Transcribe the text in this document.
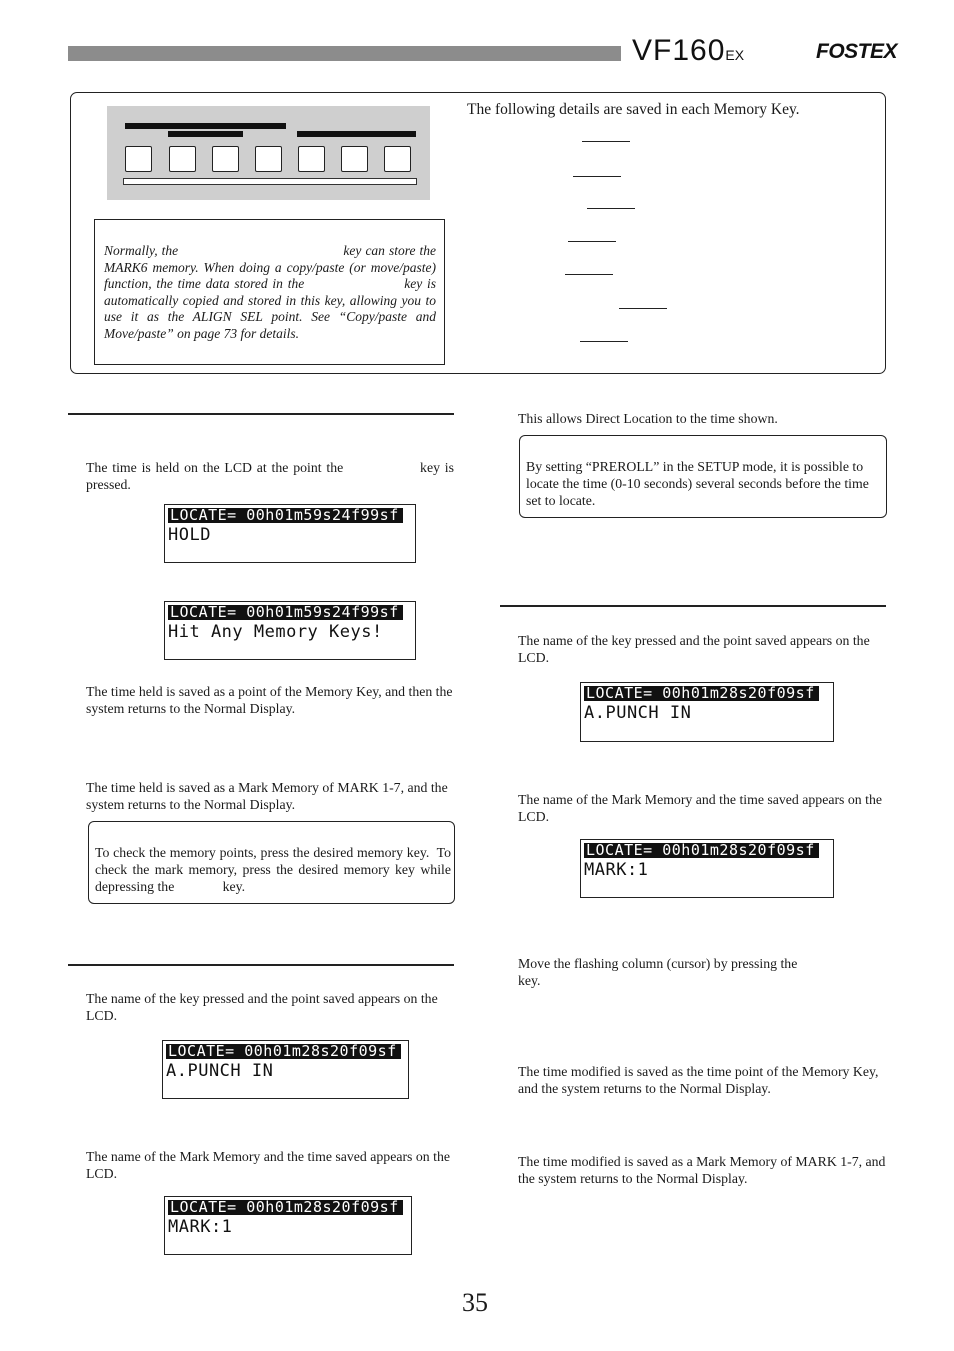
VF160EX	FOSTEX

Normally, the                                         key can store the MARK6 memory. When doing a copy/paste (or move/paste) function, the time data stored in the                     key is automatically copied and stored in this key, allowing you to use it as the ALIGN SEL point. See “Copy/paste and Move/paste” on page 73 for details.

The following details are saved in each Memory Key.

The time is held on the LCD at the point the                key is pressed.

LOCATE= 00h01m59s24f99sf
HOLD
LOCATE= 00h01m59s24f99sf
Hit Any Memory Keys!

The time held is saved as a point of the Memory Key, and then the system returns to the Normal Display.

The time held is saved as a Mark Memory of MARK 1-7, and the system returns to the Normal Display.

To check the memory points, press the desired memory key.  To check the mark memory, press the desired memory key while depressing the              key.

The name of the key pressed and the point saved appears on the LCD.

LOCATE= 00h01m28s20f09sf
A.PUNCH IN

The name of the Mark Memory and the time saved appears on the LCD.

LOCATE= 00h01m28s20f09sf
MARK:1

This allows Direct Location to the time shown.

By setting “PREROLL” in the SETUP mode, it is possible to locate the time (0-10 seconds) several seconds before the time set to locate.

The name of the key pressed and the point saved appears on the LCD.

LOCATE= 00h01m28s20f09sf
A.PUNCH IN

The name of the Mark Memory and the time saved appears on the LCD.

LOCATE= 00h01m28s20f09sf
MARK:1

Move the flashing column (cursor) by pressing the              key.

The time modified is saved as the time point of the Memory Key, and the system returns to the Normal Display.

The time modified is saved as a Mark Memory of MARK 1-7, and the system returns to the Normal Display.

35
